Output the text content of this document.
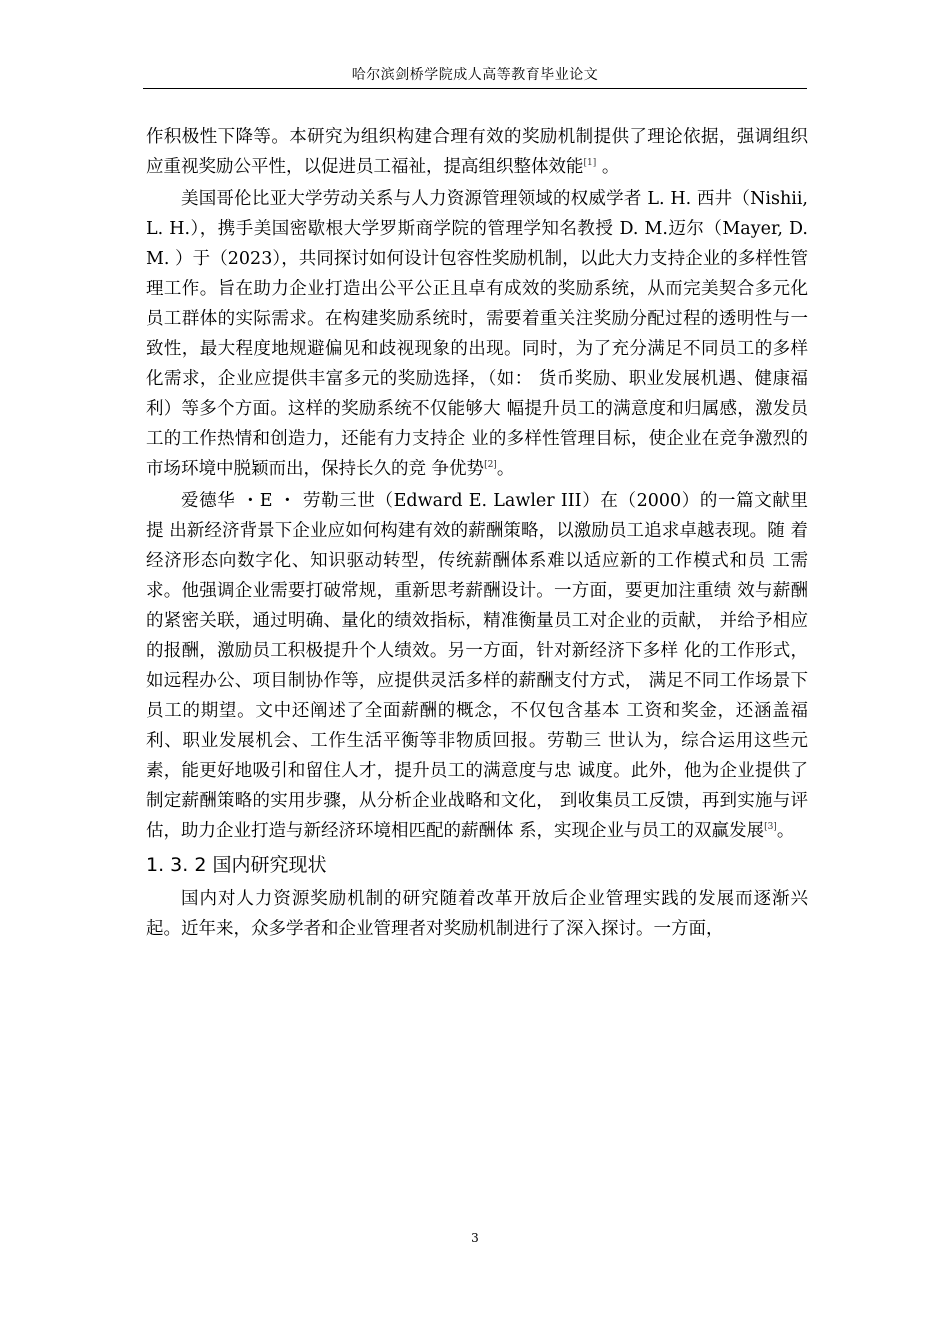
哈尔滨剑桥学院成人高等教育毕业论文

作积极性下降等。本研究为组织构建合理有效的奖励机制提供了理论依据，强调组织应重视奖励公平性，以促进员工福祉，提高组织整体效能[1] 。

美国哥伦比亚大学劳动关系与人力资源管理领域的权威学者 L. H. 西井（Nishii, L. H.），携手美国密歇根大学罗斯商学院的管理学知名教授 D. M.迈尔（Mayer, D. M. ）于（2023），共同探讨如何设计包容性奖励机制，以此大力支持企业的多样性管理工作。旨在助力企业打造出公平公正且卓有成效的奖励系统，从而完美契合多元化员工群体的实际需求。在构建奖励系统时，需要着重关注奖励分配过程的透明性与一致性，最大程度地规避偏见和歧视现象的出现。同时，为了充分满足不同员工的多样化需求，企业应提供丰富多元的奖励选择，（如： 货币奖励、职业发展机遇、健康福利）等多个方面。这样的奖励系统不仅能够大 幅提升员工的满意度和归属感，激发员工的工作热情和创造力，还能有力支持企 业的多样性管理目标，使企业在竞争激烈的市场环境中脱颖而出，保持长久的竞 争优势[2]。

爱德华 ・E ・ 劳勒三世（Edward E. Lawler III）在（2000）的一篇文献里提 出新经济背景下企业应如何构建有效的薪酬策略，以激励员工追求卓越表现。随 着经济形态向数字化、知识驱动转型，传统薪酬体系难以适应新的工作模式和员 工需求。他强调企业需要打破常规，重新思考薪酬设计。一方面，要更加注重绩 效与薪酬的紧密关联，通过明确、量化的绩效指标，精准衡量员工对企业的贡献， 并给予相应的报酬，激励员工积极提升个人绩效。另一方面，针对新经济下多样 化的工作形式，如远程办公、项目制协作等，应提供灵活多样的薪酬支付方式， 满足不同工作场景下员工的期望。文中还阐述了全面薪酬的概念，不仅包含基本 工资和奖金，还涵盖福利、职业发展机会、工作生活平衡等非物质回报。劳勒三 世认为，综合运用这些元素，能更好地吸引和留住人才，提升员工的满意度与忠 诚度。此外，他为企业提供了制定薪酬策略的实用步骤，从分析企业战略和文化， 到收集员工反馈，再到实施与评估，助力企业打造与新经济环境相匹配的薪酬体 系，实现企业与员工的双赢发展[3]。

1. 3. 2 国内研究现状

国内对人力资源奖励机制的研究随着改革开放后企业管理实践的发展而逐渐兴起。近年来，众多学者和企业管理者对奖励机制进行了深入探讨。一方面，

3
